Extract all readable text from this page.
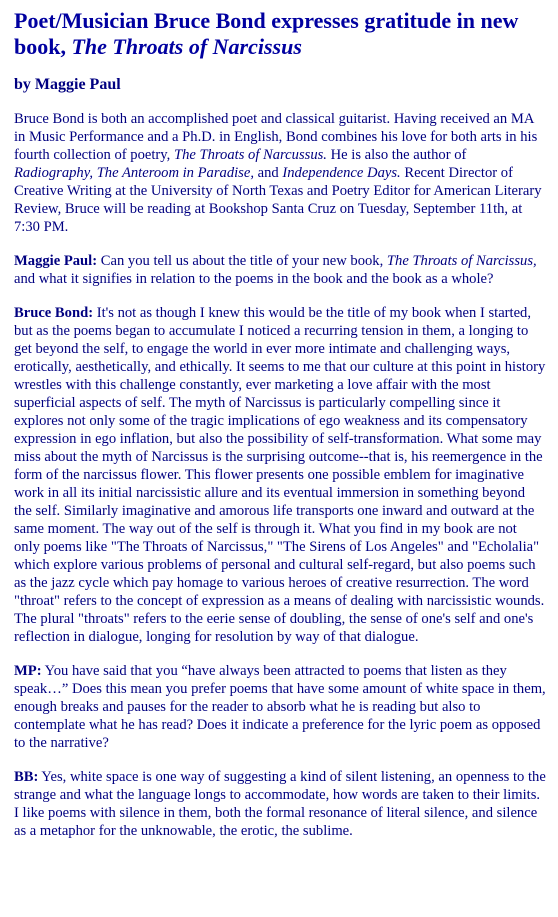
Poet/Musician Bruce Bond expresses gratitude in new book, The Throats of Narcissus
by Maggie Paul

Bruce Bond is both an accomplished poet and classical guitarist. Having received an MA in Music Performance and a Ph.D. in English, Bond combines his love for both arts in his fourth collection of poetry, The Throats of Narcussus. He is also the author of Radiography, The Anteroom in Paradise, and Independence Days. Recent Director of Creative Writing at the University of North Texas and Poetry Editor for American Literary Review, Bruce will be reading at Bookshop Santa Cruz on Tuesday, September 11th, at 7:30 PM.

Maggie Paul: Can you tell us about the title of your new book, The Throats of Narcissus, and what it signifies in relation to the poems in the book and the book as a whole?

Bruce Bond: It's not as though I knew this would be the title of my book when I started, but as the poems began to accumulate I noticed a recurring tension in them, a longing to get beyond the self, to engage the world in ever more intimate and challenging ways, erotically, aesthetically, and ethically. It seems to me that our culture at this point in history wrestles with this challenge constantly, ever marketing a love affair with the most superficial aspects of self. The myth of Narcissus is particularly compelling since it explores not only some of the tragic implications of ego weakness and its compensatory expression in ego inflation, but also the possibility of self-transformation. What some may miss about the myth of Narcissus is the surprising outcome--that is, his reemergence in the form of the narcissus flower. This flower presents one possible emblem for imaginative work in all its initial narcissistic allure and its eventual immersion in something beyond the self. Similarly imaginative and amorous life transports one inward and outward at the same moment. The way out of the self is through it. What you find in my book are not only poems like "The Throats of Narcissus," "The Sirens of Los Angeles" and "Echolalia" which explore various problems of personal and cultural self-regard, but also poems such as the jazz cycle which pay homage to various heroes of creative resurrection. The word "throat" refers to the concept of expression as a means of dealing with narcissistic wounds. The plural "throats" refers to the eerie sense of doubling, the sense of one's self and one's reflection in dialogue, longing for resolution by way of that dialogue.

MP: You have said that you “have always been attracted to poems that listen as they speak…” Does this mean you prefer poems that have some amount of white space in them, enough breaks and pauses for the reader to absorb what he is reading but also to contemplate what he has read? Does it indicate a preference for the lyric poem as opposed to the narrative?

BB: Yes, white space is one way of suggesting a kind of silent listening, an openness to the strange and what the language longs to accommodate, how words are taken to their limits. I like poems with silence in them, both the formal resonance of literal silence, and silence as a metaphor for the unknowable, the erotic, the sublime.
